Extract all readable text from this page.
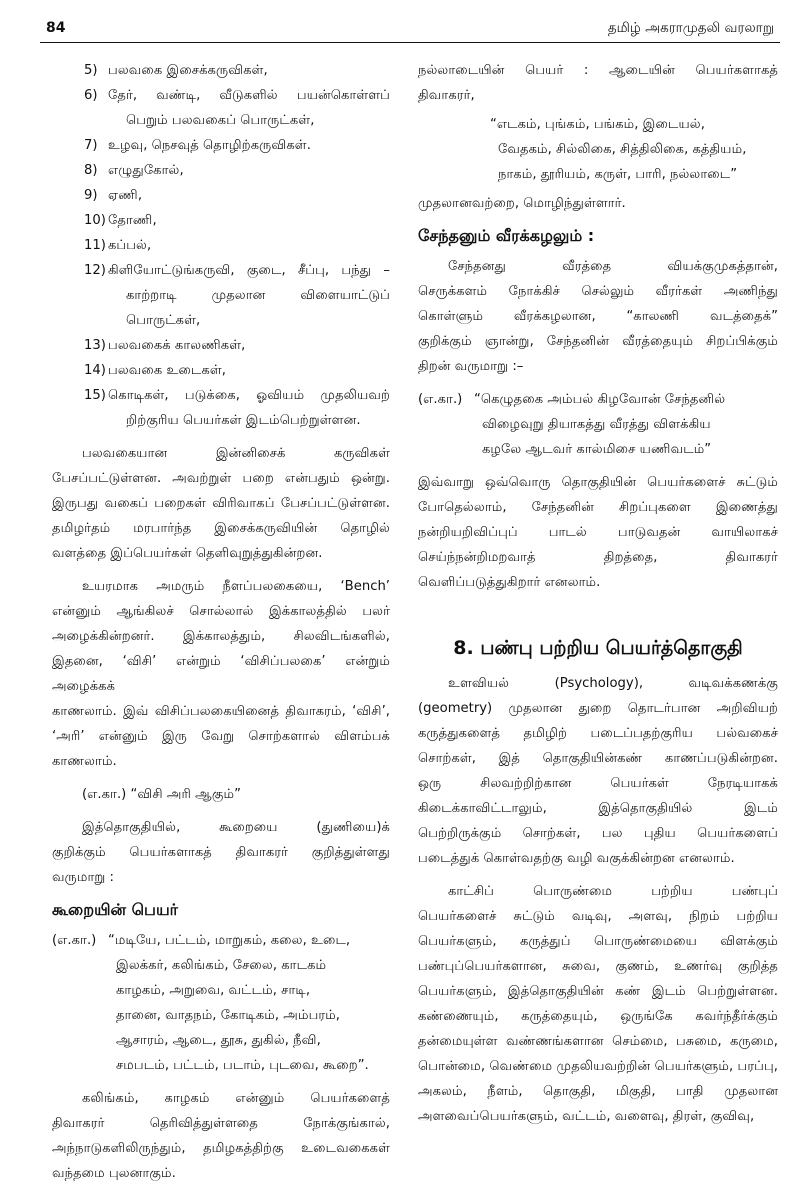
84	தமிழ் அகராமுதலி வரலாறு
5) பலவகை இசைக்கருவிகள்,
6) தேர், வண்டி, வீடுகளில் பயன்கொள்ளப்
பெறும் பலவகைப் பொருட்கள்,
7) உழவு, நெசவுத் தொழிற்கருவிகள்.
8) எழுதுகோல்,
9) ஏணி,
10) தோணி,
11) கப்பல்,
12) கிளியோட்டுங்கருவி, குடை, சீப்பு, பந்து –
காற்றாடி முதலான விளையாட்டுப்
பொருட்கள்,
13) பலவகைக் காலணிகள்,
14) பலவகை உடைகள்,
15) கொடிகள், படுக்கை, ஓவியம் முதலியவற்
றிற்குரிய பெயர்கள் இடம்பெற்றுள்ளன.

பலவகையான இன்னிசைக் கருவிகள்

பேசப்பட்டுள்ளன. அவற்றுள் பறை என்பதும் ஒன்று.

இருபது வகைப் பறைகள் விரிவாகப் பேசப்பட்டுள்ளன.

தமிழர்தம் மரபார்ந்த இசைக்கருவியின் தொழில்

வளத்தை இப்பெயர்கள் தெளிவுறுத்துகின்றன.

உயரமாக அமரும் நீளப்பலகையை, ‘Bench’

என்னும் ஆங்கிலச் சொல்லால் இக்காலத்தில் பலர்

அழைக்கின்றனர். இக்காலத்தும், சிலவிடங்களில்,

இதனை, ‘விசி’ என்றும் ‘விசிப்பலகை’ என்றும் அழைக்கக்

காணலாம். இவ் விசிப்பலகையினைத் திவாகரம், ‘விசி’,

‘அரி’ என்னும் இரு வேறு சொற்களால் விளம்பக்

காணலாம்.

(எ.கா.) “விசி அரி ஆகும்”

இத்தொகுதியில், கூறையை (துணியை)க்

குறிக்கும் பெயர்களாகத் திவாகரர் குறித்துள்ளது

வருமாறு :

கூறையின் பெயர்

(எ.கா.) “மடியே, பட்டம், மாறுகம், கலை, உடை,
இலக்கர், கலிங்கம், சேலை, காடகம்
காழகம், அறுவை, வட்டம், சாடி,
தானை, வாதநம், கோடிகம், அம்பரம்,
ஆசாரம், ஆடை, தூசு, துகில், நீவி,
சமபடம், பட்டம், படாம், புடவை, கூறை”.

கலிங்கம், காழகம் என்னும் பெயர்களைத்

திவாகரர் தெரிவித்துள்ளதை நோக்குங்கால்,

அந்நாடுகளிலிருந்தும், தமிழகத்திற்கு உடைவகைகள்

வந்தமை புலனாகும்.

நல்லாடையின் பெயர் : ஆடையின் பெயர்களாகத்

திவாகரர்,

“எடகம், புங்கம், பங்கம், இடையல்,
வேதகம், சில்லிகை, சித்திலிகை, கத்தியம்,
நாகம், தூரியம், கருள், பாரி, நல்லாடை”

முதலானவற்றை, மொழிந்துள்ளார்.

சேந்தனும் வீரக்கழலும் :

சேந்தனது வீரத்தை வியக்குமுகத்தான்,

செருக்களம் நோக்கிச் செல்லும் வீரர்கள் அணிந்து

கொள்ளும் வீரக்கழலான, “காலணி வடத்தைக்”

குறிக்கும் ஞான்று, சேந்தனின் வீரத்தையும் சிறப்பிக்கும்

திறன் வருமாறு :–

(எ.கா.) “கெழுதகை அம்பல் கிழவோன் சேந்தனில்
விழைவுறு தியாகத்து வீரத்து விளக்கிய
கழலே ஆடவர் கால்மிசை யணிவடம்”

இவ்வாறு ஒவ்வொரு தொகுதியின் பெயர்களைச் சுட்டும்

போதெல்லாம், சேந்தனின் சிறப்புகளை இணைத்து

நன்றியறிவிப்புப் பாடல் பாடுவதன் வாயிலாகச்

செய்ந்நன்றிமறவாத் திறத்தை, திவாகரர்

வெளிப்படுத்துகிறார் எனலாம்.

8. பண்பு பற்றிய பெயர்த்தொகுதி

உளவியல் (Psychology), வடிவக்கணக்கு

(geometry) முதலான துறை தொடர்பான அறிவியற்

கருத்துகளைத் தமிழிற் படைப்பதற்குரிய பல்வகைச்

சொற்கள், இத் தொகுதியின்கண் காணப்படுகின்றன.

ஒரு சிலவற்றிற்கான பெயர்கள் நேரடியாகக்

கிடைக்காவிட்டாலும், இத்தொகுதியில் இடம்

பெற்றிருக்கும் சொற்கள், பல புதிய பெயர்களைப்

படைத்துக் கொள்வதற்கு வழி வகுக்கின்றன எனலாம்.

காட்சிப் பொருண்மை பற்றிய பண்புப்

பெயர்களைச் சுட்டும் வடிவு, அளவு, நிறம் பற்றிய

பெயர்களும், கருத்துப் பொருண்மையை விளக்கும்

பண்புப்பெயர்களான, சுவை, குணம், உணர்வு குறித்த

பெயர்களும், இத்தொகுதியின் கண் இடம் பெற்றுள்ளன.

கண்ணையும், கருத்தையும், ஒருங்கே கவர்ந்தீர்க்கும்

தன்மையுள்ள வண்ணங்களான செம்மை, பசுமை, கருமை,

பொன்மை, வெண்மை முதலியவற்றின் பெயர்களும், பரப்பு,

அகலம், நீளம், தொகுதி, மிகுதி, பாதி முதலான

அளவைப்பெயர்களும், வட்டம், வளைவு, திரள், குவிவு,
